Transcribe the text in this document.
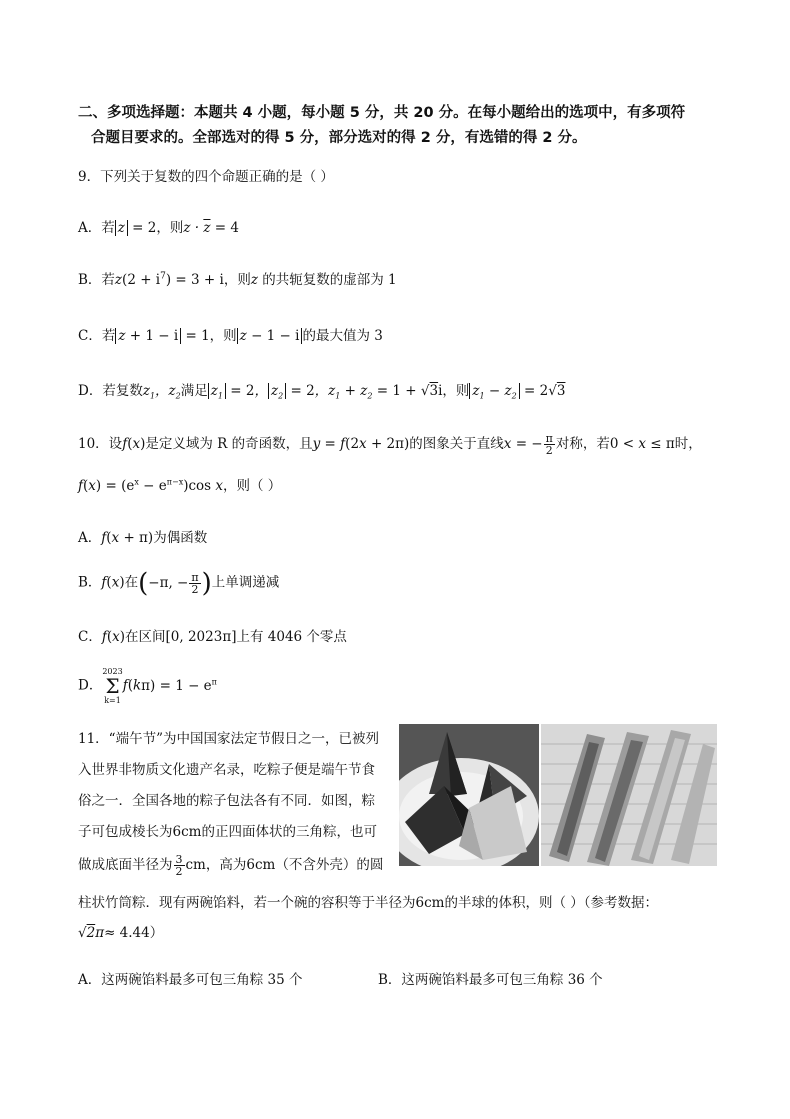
二、多项选择题：本题共 4 小题，每小题 5 分，共 20 分。在每小题给出的选项中，有多项符
合题目要求的。全部选对的得 5 分，部分选对的得 2 分，有选错的得 2 分。
9．下列关于复数的四个命题正确的是（ ）
A．若 z = 2，则$z \cdot \overline{z} = 4$
B．若$z(2 + i^7) = 3 + i$，则z 的共轭复数的虚部为 1
C．若 z + 1 − i = 1，则 z − 1 − i 的最大值为 3
D．若复数$z_1$，$z_2$满足 $z_1 = 2$， $z_2 = 2$，$z_1 + z_2 = 1 + √3i$，则 $z_1 - z_2 = 2√3$
10．设f(x)是定义域为 R 的奇函数，且y = f(2x + 2π)的图象关于直线x = − $\frac{\pi}{2}$ 对称，若0 < x ≤ π时，
$f(x) = (e^x - e^{\pi-x})\cos$ x，则（ ）
A．f(x + π)为偶函数
B．f(x)在(−π, − $\frac{\pi}{2}$ )上单调递减
C．f(x)在区间[0, 2023π]上有 4046 个零点
D．
2023
Σ
k=1
$f(k\pi) = 1 - e^\pi$
11．“端午节”为中国国家法定节假日之一，已被列
入世界非物质文化遗产名录，吃粽子便是端午节食
俗之一．全国各地的粽子包法各有不同．如图，粽
子可包成棱长为6cm的正四面体状的三角粽，也可
做成底面半径为 $\frac{3}{2}$ cm，高为6cm（不含外壳）的圆
柱状竹筒粽．现有两碗馅料，若一个碗的容积等于半径为6cm的半球的体积，则（ ）（参考数据：
√2π≈ 4.44）
A．这两碗馅料最多可包三角粽 35 个	B．这两碗馅料最多可包三角粽 36 个
